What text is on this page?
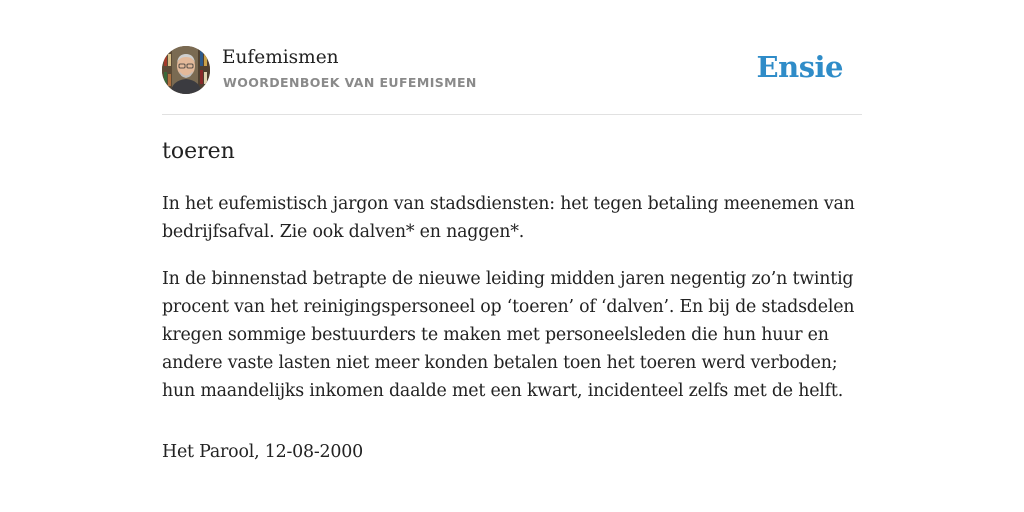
Eufemismen
WOORDENBOEK VAN EUFEMISMEN	Ensie
toeren

In het eufemistisch jargon van stadsdiensten: het tegen betaling meenemen van bedrijfsafval. Zie ook dalven* en naggen*.

In de binnenstad betrapte de nieuwe leiding midden jaren negentig zo’n twintig procent van het reinigingspersoneel op ‘toeren’ of ‘dalven’. En bij de stadsdelen kregen sommige bestuurders te maken met personeelsleden die hun huur en andere vaste lasten niet meer konden betalen toen het toeren werd verboden; hun maandelijks inkomen daalde met een kwart, incidenteel zelfs met de helft.

Het Parool, 12-08-2000
